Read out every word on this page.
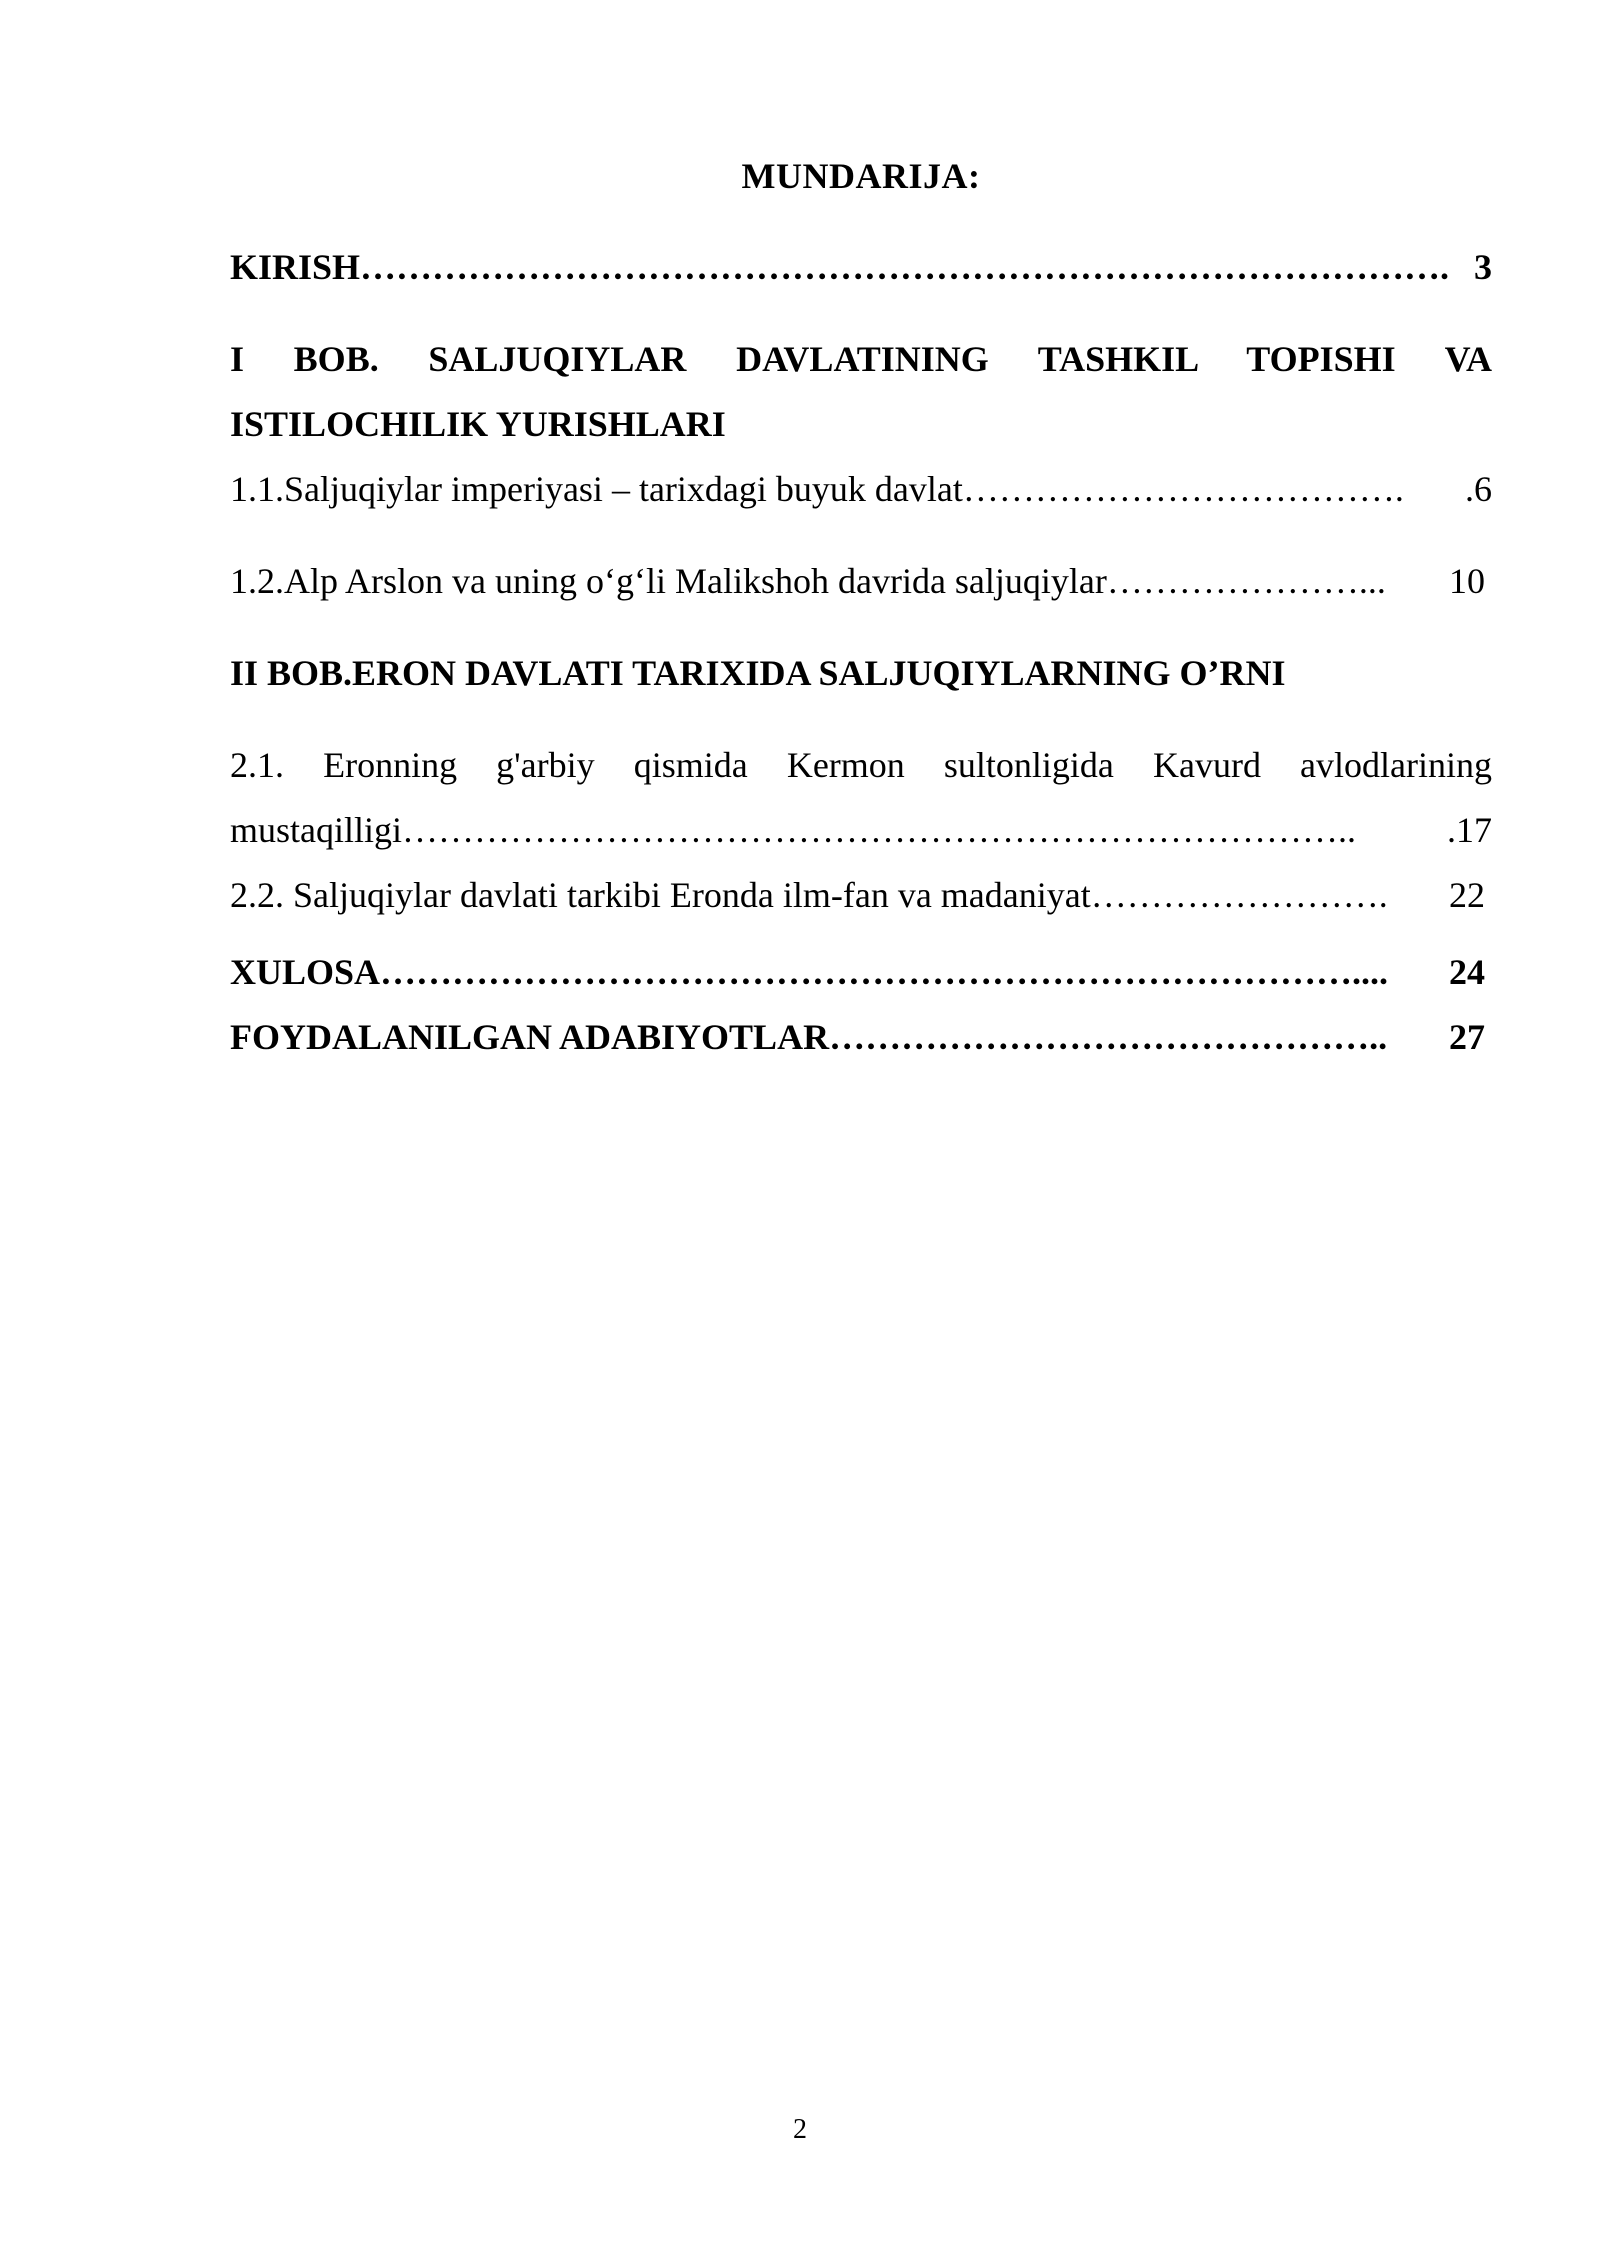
MUNDARIJA:
KIRISH ………………………………………………………………………………. 3
I BOB. SALJUQIYLAR DAVLATINING TASHKIL TOPISHI VA
ISTILOCHILIK YURISHLARI
1.1.Saljuqiylar imperiyasi – tarixdagi buyuk davlat ……………………………….	.6
1.2.Alp Arslon va uning o‘g‘li Malikshoh davrida saljuqiylar …………………...	10
II BOB.ERON DAVLATI TARIXIDA SALJUQIYLARNING O’RNI
2.1. Eronning g'arbiy qismida Kermon sultonligida Kavurd avlodlarining
mustaqilligi ……………………………………………………………………..	.17
2.2. Saljuqiylar davlati tarkibi Eronda ilm-fan va madaniyat …………………….	22
XULOSA ………………………………………………………………………....	24
FOYDALANILGAN ADABIYOTLAR ………………………………………..	27
2
